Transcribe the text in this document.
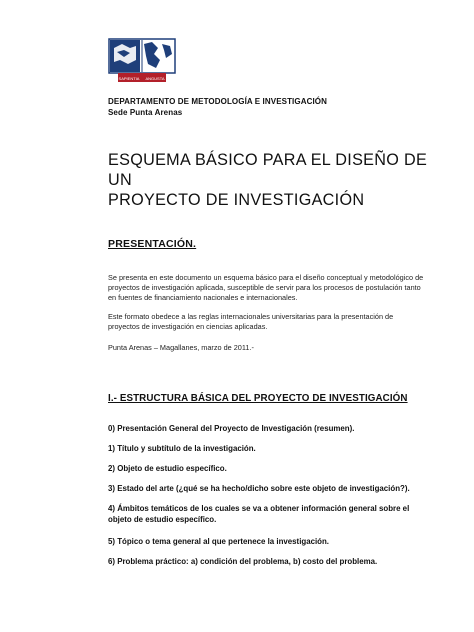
SAPIENTIA ANGUSTA
DEPARTAMENTO DE METODOLOGÍA E INVESTIGACIÓN
Sede Punta Arenas
ESQUEMA BÁSICO PARA EL DISEÑO DE UN
PROYECTO DE INVESTIGACIÓN
PRESENTACIÓN.
Se presenta en este documento un esquema básico para el diseño conceptual y metodológico de proyectos de investigación aplicada, susceptible de servir para los procesos de postulación tanto en fuentes de financiamiento nacionales e internacionales.
Este formato obedece a las reglas internacionales universitarias para la presentación de proyectos de investigación en ciencias aplicadas.
Punta Arenas – Magallanes, marzo de 2011.-
I.- ESTRUCTURA BÁSICA DEL PROYECTO DE INVESTIGACIÓN
0) Presentación General del Proyecto de Investigación (resumen).
1) Título y subtítulo de la investigación.
2) Objeto de estudio específico.
3) Estado del arte (¿qué se ha hecho/dicho sobre este objeto de investigación?).
4) Ámbitos temáticos de los cuales se va a obtener información general sobre el objeto de estudio específico.
5) Tópico o tema general al que pertenece la investigación.
6) Problema práctico: a) condición del problema, b) costo del problema.
